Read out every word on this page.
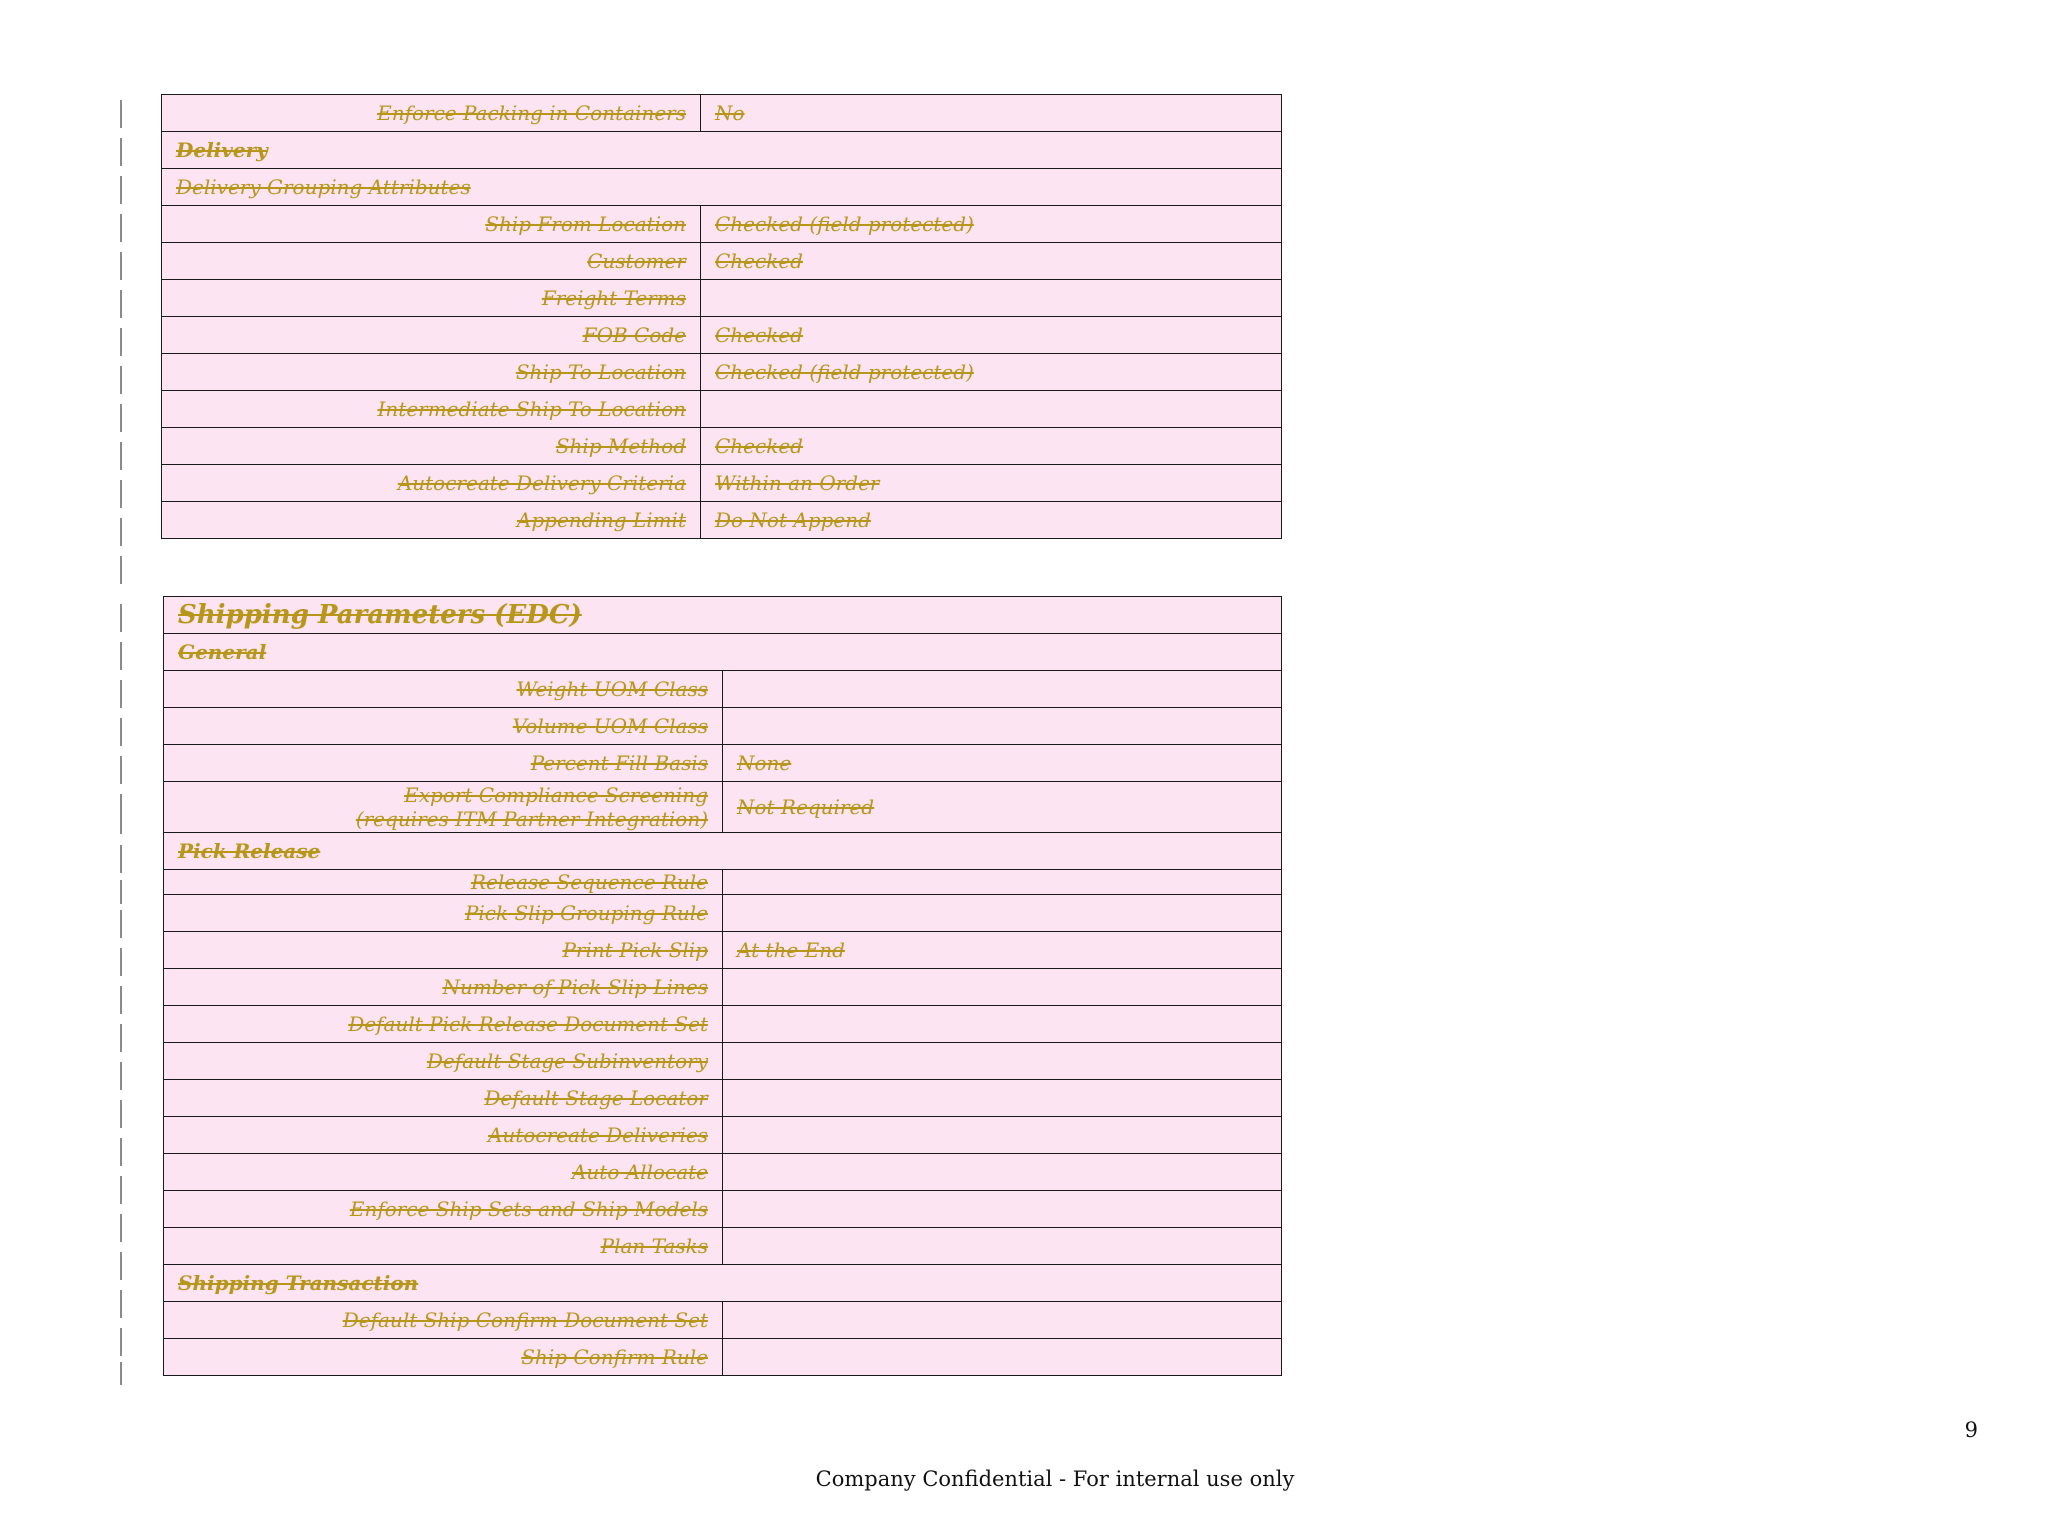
Enforce Packing in Containers	No
Delivery	
Delivery Grouping Attributes	
Ship From Location	Checked (field protected)
Customer	Checked
Freight Terms	
FOB Code	Checked
Ship To Location	Checked (field protected)
Intermediate Ship To Location	
Ship Method	Checked
Autocreate Delivery Criteria	Within an Order
Appending Limit	Do Not Append
Shipping Parameters (EDC)	
General	
Weight UOM Class	
Volume UOM Class	
Percent Fill Basis	None

Export Compliance Screening
(requires ITM Partner Integration)	Not Required
Pick Release	
Release Sequence Rule	
Pick Slip Grouping Rule	
Print Pick Slip	At the End
Number of Pick Slip Lines	
Default Pick Release Document Set	
Default Stage Subinventory	
Default Stage Locator	
Autocreate Deliveries	
Auto Allocate	
Enforce Ship Sets and Ship Models	
Plan Tasks	
Shipping Transaction	
Default Ship Confirm Document Set	
Ship Confirm Rule	
9
Company Confidential - For internal use only
